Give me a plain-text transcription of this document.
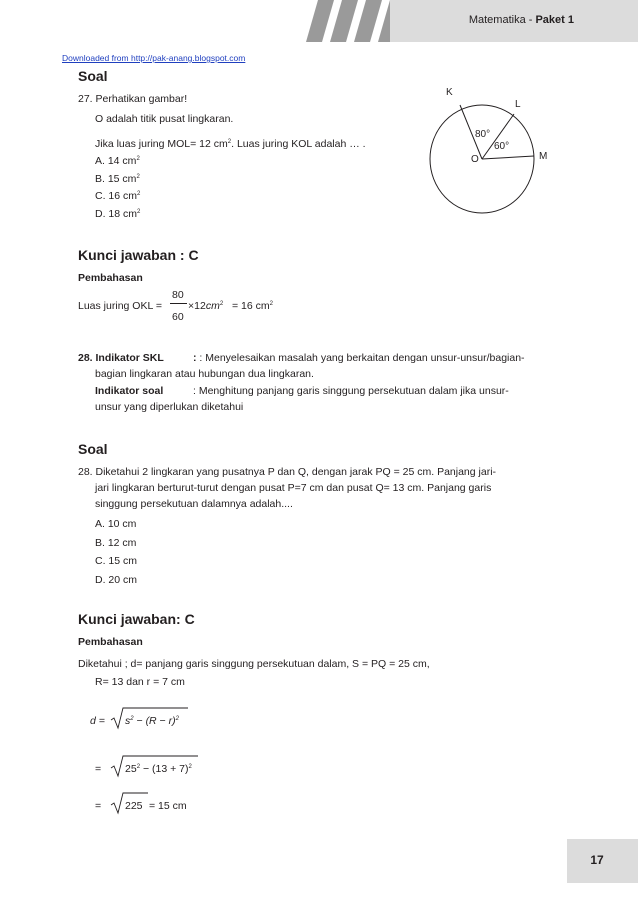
Matematika - Paket 1
Downloaded from http://pak-anang.blogspot.com
Soal
27. Perhatikan gambar!
O adalah titik pusat lingkaran.
Jika luas juring MOL= 12 $cm^2$. Luas juring KOL adalah … .
A. 14 $cm^2$
B. 15 $cm^2$
C. 16 $cm^2$
D. 18 $cm^2$
K
L
M
O
80°
60°
Kunci jawaban : C
Pembahasan
Luas juring OKL =
80
60
$\times 12cm^2 = 16$ $cm^2$
28. Indikator SKL	: : Menyelesaikan masalah yang berkaitan dengan unsur-unsur/bagian-
bagian lingkaran atau hubungan dua lingkaran.
Indikator soal	: Menghitung panjang garis singgung persekutuan dalam jika unsur-
unsur yang diperlukan diketahui
Soal
28. Diketahui 2 lingkaran yang pusatnya P dan Q, dengan jarak PQ = 25 cm. Panjang jari-
jari lingkaran berturut-turut dengan pusat P=7 cm dan pusat Q= 13 cm. Panjang garis
singgung persekutuan dalamnya adalah....
A. 10 cm
B. 12 cm
C. 15 cm
D. 20 cm
Kunci jawaban: C
Pembahasan
Diketahui ; d= panjang garis singgung persekutuan dalam, S = PQ = 25 cm,
R= 13 dan r = 7 cm
$d = s^2 - (R - r)^2$
= $25^2 - (13 + 7)^2$
= 225 = 15 cm
17
